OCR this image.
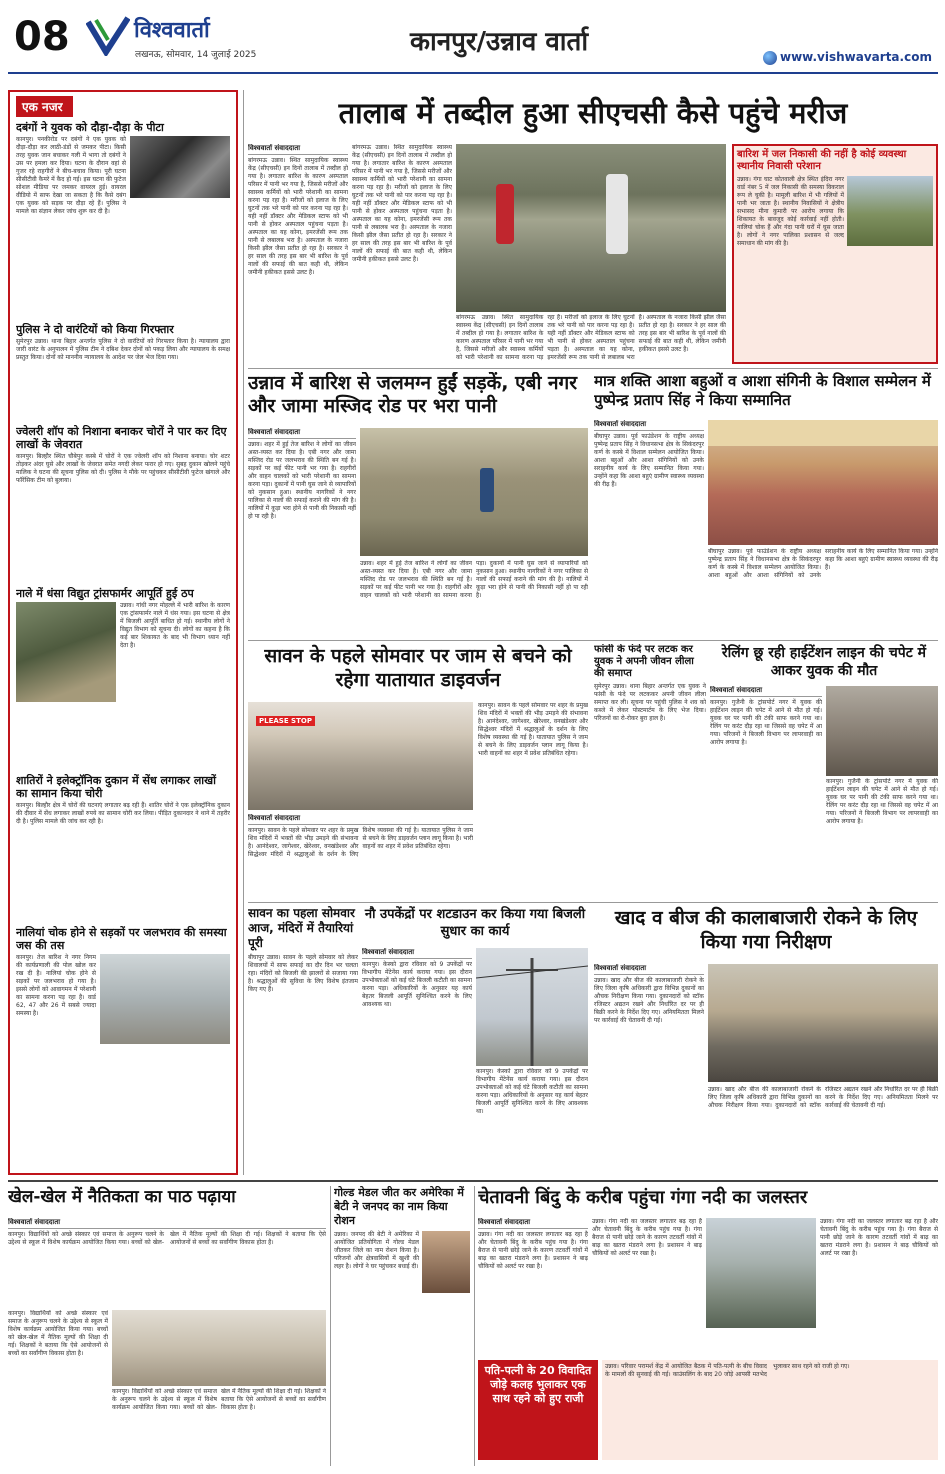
08	विश्ववार्ता
लखनऊ, सोमवार, 14 जुलाई 2025	कानपुर/उन्नाव वार्ता	www.vishwavarta.com
एक नजर
दबंगों ने युवक को दौड़ा-दौड़ा के पीटा
कानपुर। पनकीरोड पर दबंगों ने एक युवक को दौड़ा-दौड़ा कर लाठी-डंडों से जमकर पीटा। किसी तरह युवक जान बचाकर गली में भागा तो दबंगों ने उस पर हमला कर दिया। घटना के दौरान वहां से गुजर रहे राहगीरों ने बीच-बचाव किया। पूरी घटना सीसीटीवी कैमरे में कैद हो गई। इस घटना की फुटेज सोशल मीडिया पर जमकर वायरल हुई। वायरल वीडियो में साफ देखा जा सकता है कि कैसे दबंग एक युवक को सड़क पर दौड़ा रहे हैं। पुलिस ने मामले का संज्ञान लेकर जांच शुरू कर दी है।
पुलिस ने दो वारंटियों को किया गिरफ्तार
सुमेरपुर उन्नाव। थाना बिहार अन्तर्गत पुलिस ने दो वारंटियों को गिरफ्तार किया है। न्यायालय द्वारा जारी वारंट के अनुपालन में पुलिस टीम ने दबिश देकर दोनों को पकड़ लिया और न्यायालय के समक्ष प्रस्तुत किया। दोनों को माननीय न्यायालय के आदेश पर जेल भेज दिया गया।
ज्वेलरी शॉप को निशाना बनाकर चोरों ने पार कर दिए लाखों के जेवरात
कानपुर। बिल्हौर स्थित चौबेपुर कस्बे में चोरों ने एक ज्वेलरी शॉप को निशाना बनाया। चोर शटर तोड़कर अंदर घुसे और लाखों के जेवरात समेत नगदी लेकर फरार हो गए। सुबह दुकान खोलने पहुंचे मालिक ने घटना की सूचना पुलिस को दी। पुलिस ने मौके पर पहुंचकर सीसीटीवी फुटेज खंगाले और फॉरेंसिक टीम को बुलाया।
नाले में धंसा विद्युत ट्रांसफार्मर आपूर्ति हुई ठप
उन्नाव। गांधी नगर मोहल्ले में भारी बारिश के कारण एक ट्रांसफार्मर नाले में धंस गया। इस घटना से क्षेत्र में बिजली आपूर्ति बाधित हो गई। स्थानीय लोगों ने विद्युत विभाग को सूचना दी। लोगों का कहना है कि कई बार शिकायत के बाद भी विभाग ध्यान नहीं देता है।
शातिरों ने इलेक्ट्रॉनिक दुकान में सेंध लगाकर लाखों का सामान किया चोरी
कानपुर। बिल्हौर क्षेत्र में चोरों की घटनाएं लगातार बढ़ रही हैं। शातिर चोरों ने एक इलेक्ट्रॉनिक दुकान की दीवार में सेंध लगाकर लाखों रुपये का सामान चोरी कर लिया। पीड़ित दुकानदार ने थाने में तहरीर दी है। पुलिस मामले की जांच कर रही है।
नालियां चोक होने से सड़कों पर जलभराव की समस्या जस की तस
कानपुर। तेज बारिश ने नगर निगम की कार्यप्रणाली की पोल खोल कर रख दी है। नालियां चोक होने से सड़कों पर जलभराव हो गया है। इससे लोगों को आवागमन में परेशानी का सामना करना पड़ रहा है। वार्ड 62, 47 और 26 में सबसे ज्यादा समस्या है।
तालाब में तब्दील हुआ सीएचसी कैसे पहुंचे मरीज
विश्ववार्ता संवाददाता
बांगरमऊ उन्नाव। स्थित सामुदायिक स्वास्थ्य केंद्र (सीएचसी) इन दिनों तालाब में तब्दील हो गया है। लगातार बारिश के कारण अस्पताल परिसर में पानी भर गया है, जिससे मरीजों और स्वास्थ्य कर्मियों को भारी परेशानी का सामना करना पड़ रहा है। मरीजों को इलाज के लिए घुटनों तक भरे पानी को पार करना पड़ रहा है। यही नहीं डॉक्टर और मेडिकल स्टाफ को भी पानी से होकर अस्पताल पहुंचना पड़ता है। अस्पताल का यह कोना, इमरजेंसी रूम तक पानी से लबालब भरा है। अस्पताल के नजारा किसी झील जैसा प्रतीत हो रहा है। सरकार ने हर साल की तरह इस बार भी बारिश के पूर्व नालों की सफाई की बात कही थी, लेकिन जमीनी हकीकत इससे उलट है।
बांगरमऊ उन्नाव। स्थित सामुदायिक स्वास्थ्य केंद्र (सीएचसी) इन दिनों तालाब में तब्दील हो गया है। लगातार बारिश के कारण अस्पताल परिसर में पानी भर गया है, जिससे मरीजों और स्वास्थ्य कर्मियों को भारी परेशानी का सामना करना पड़ रहा है। मरीजों को इलाज के लिए घुटनों तक भरे पानी को पार करना पड़ रहा है। यही नहीं डॉक्टर और मेडिकल स्टाफ को भी पानी से होकर अस्पताल पहुंचना पड़ता है। अस्पताल का यह कोना, इमरजेंसी रूम तक पानी से लबालब भरा है। अस्पताल के नजारा किसी झील जैसा प्रतीत हो रहा है। सरकार ने हर साल की तरह इस बार भी बारिश के पूर्व नालों की सफाई की बात कही थी, लेकिन जमीनी हकीकत इससे उलट है।
बांगरमऊ उन्नाव। स्थित सामुदायिक स्वास्थ्य केंद्र (सीएचसी) इन दिनों तालाब में तब्दील हो गया है। लगातार बारिश के कारण अस्पताल परिसर में पानी भर गया है, जिससे मरीजों और स्वास्थ्य कर्मियों को भारी परेशानी का सामना करना पड़ रहा है। मरीजों को इलाज के लिए घुटनों तक भरे पानी को पार करना पड़ रहा है। यही नहीं डॉक्टर और मेडिकल स्टाफ को भी पानी से होकर अस्पताल पहुंचना पड़ता है। अस्पताल का यह कोना, इमरजेंसी रूम तक पानी से लबालब भरा है। अस्पताल के नजारा किसी झील जैसा प्रतीत हो रहा है। सरकार ने हर साल की तरह इस बार भी बारिश के पूर्व नालों की सफाई की बात कही थी, लेकिन जमीनी हकीकत इससे उलट है।
बारिश में जल निकासी की नहीं है कोई व्यवस्था स्थानीय निवासी परेशान
उन्नाव। गंगा घाट कोतवाली क्षेत्र स्थित इंदिरा नगर वार्ड नंबर 5 में जल निकासी की समस्या विकराल रूप ले चुकी है। मामूली बारिश में भी गलियों में पानी भर जाता है। स्थानीय निवासियों ने क्षेत्रीय सभासद मीना कुमारी पर आरोप लगाया कि शिकायत के बावजूद कोई कार्रवाई नहीं होती। नालियां चोक हैं और गंदा पानी घरों में घुस जाता है। लोगों ने नगर पालिका प्रशासन से जल्द समाधान की मांग की है।
उन्नाव में बारिश से जलमग्न हुईं सड़कें, एबी नगर और जामा मस्जिद रोड पर भरा पानी
विश्ववार्ता संवाददाता
उन्नाव। शहर में हुई तेज बारिश ने लोगों का जीवन अस्त-व्यस्त कर दिया है। एबी नगर और जामा मस्जिद रोड पर जलभराव की स्थिति बन गई है। सड़कों पर कई फीट पानी भर गया है। राहगीरों और वाहन चालकों को भारी परेशानी का सामना करना पड़ा। दुकानों में पानी घुस जाने से व्यापारियों को नुकसान हुआ। स्थानीय नागरिकों ने नगर पालिका से नालों की सफाई कराने की मांग की है। नालियों में कूड़ा भरा होने से पानी की निकासी नहीं हो पा रही है।
उन्नाव। शहर में हुई तेज बारिश ने लोगों का जीवन अस्त-व्यस्त कर दिया है। एबी नगर और जामा मस्जिद रोड पर जलभराव की स्थिति बन गई है। सड़कों पर कई फीट पानी भर गया है। राहगीरों और वाहन चालकों को भारी परेशानी का सामना करना पड़ा। दुकानों में पानी घुस जाने से व्यापारियों को नुकसान हुआ। स्थानीय नागरिकों ने नगर पालिका से नालों की सफाई कराने की मांग की है। नालियों में कूड़ा भरा होने से पानी की निकासी नहीं हो पा रही है।
मात्र शक्ति आशा बहुओं व आशा संगिनी के विशाल सम्मेलन में पुष्पेन्द्र प्रताप सिंह ने किया सम्मानित
विश्ववार्ता संवाददाता
बीघापुर उन्नाव। पूर्व फाउंडेशन के राष्ट्रीय अध्यक्ष पुष्पेन्द्र प्रताप सिंह ने विधानसभा क्षेत्र के सिकंदरपुर कर्ण के कस्बे में विशाल सम्मेलन आयोजित किया। आशा बहुओं और आशा संगिनियों को उनके सराहनीय कार्य के लिए सम्मानित किया गया। उन्होंने कहा कि आशा बहुएं ग्रामीण स्वास्थ्य व्यवस्था की रीढ़ हैं।
बीघापुर उन्नाव। पूर्व फाउंडेशन के राष्ट्रीय अध्यक्ष पुष्पेन्द्र प्रताप सिंह ने विधानसभा क्षेत्र के सिकंदरपुर कर्ण के कस्बे में विशाल सम्मेलन आयोजित किया। आशा बहुओं और आशा संगिनियों को उनके सराहनीय कार्य के लिए सम्मानित किया गया। उन्होंने कहा कि आशा बहुएं ग्रामीण स्वास्थ्य व्यवस्था की रीढ़ हैं।
सावन के पहले सोमवार पर जाम से बचने को रहेगा यातायात डाइवर्जन
PLEASE STOP
कानपुर। सावन के पहले सोमवार पर शहर के प्रमुख शिव मंदिरों में भक्तों की भीड़ उमड़ने की संभावना है। आनंदेश्वर, जागेश्वर, खेरेश्वर, वनखंडेश्वर और सिद्धेश्वर मंदिरों में श्रद्धालुओं के दर्शन के लिए विशेष व्यवस्था की गई है। यातायात पुलिस ने जाम से बचने के लिए डाइवर्जन प्लान लागू किया है। भारी वाहनों का शहर में प्रवेश प्रतिबंधित रहेगा।
विश्ववार्ता संवाददाता
कानपुर। सावन के पहले सोमवार पर शहर के प्रमुख शिव मंदिरों में भक्तों की भीड़ उमड़ने की संभावना है। आनंदेश्वर, जागेश्वर, खेरेश्वर, वनखंडेश्वर और सिद्धेश्वर मंदिरों में श्रद्धालुओं के दर्शन के लिए विशेष व्यवस्था की गई है। यातायात पुलिस ने जाम से बचने के लिए डाइवर्जन प्लान लागू किया है। भारी वाहनों का शहर में प्रवेश प्रतिबंधित रहेगा।
फांसी के फंदे पर लटक कर युवक ने अपनी जीवन लीला की समाप्त
सुमेरपुर उन्नाव। थाना बिहार अन्तर्गत एक युवक ने फांसी के फंदे पर लटककर अपनी जीवन लीला समाप्त कर ली। सूचना पर पहुंची पुलिस ने शव को कब्जे में लेकर पोस्टमार्टम के लिए भेज दिया। परिजनों का रो-रोकर बुरा हाल है।
रेलिंग छू रही हाईटेंशन लाइन की चपेट में आकर युवक की मौत
विश्ववार्ता संवाददाता
कानपुर। गुजैनी के ट्रांसपोर्ट नगर में युवक की हाईटेंशन लाइन की चपेट में आने से मौत हो गई। युवक घर पर पानी की टंकी साफ करने गया था। रेलिंग पर करंट दौड़ रहा था जिससे वह चपेट में आ गया। परिजनों ने बिजली विभाग पर लापरवाही का आरोप लगाया है।
कानपुर। गुजैनी के ट्रांसपोर्ट नगर में युवक की हाईटेंशन लाइन की चपेट में आने से मौत हो गई। युवक घर पर पानी की टंकी साफ करने गया था। रेलिंग पर करंट दौड़ रहा था जिससे वह चपेट में आ गया। परिजनों ने बिजली विभाग पर लापरवाही का आरोप लगाया है।
सावन का पहला सोमवार आज, मंदिरों में तैयारियां पूरी
बीघापुर उन्नाव। सावन के पहले सोमवार को लेकर शिवालयों में साफ सफाई का दौर दिन भर चलता रहा। मंदिरों को बिजली की झालरों से सजाया गया है। श्रद्धालुओं की सुविधा के लिए विशेष इंतजाम किए गए हैं।
नौ उपकेंद्रों पर शटडाउन कर किया गया बिजली सुधार का कार्य
विश्ववार्ता संवाददाता
कानपुर। केस्को द्वारा रविवार को 9 उपकेंद्रों पर विभागीय मेंटेनेंस कार्य कराया गया। इस दौरान उपभोक्ताओं को कई घंटे बिजली कटौती का सामना करना पड़ा। अधिकारियों के अनुसार यह कार्य बेहतर बिजली आपूर्ति सुनिश्चित करने के लिए आवश्यक था।
कानपुर। केस्को द्वारा रविवार को 9 उपकेंद्रों पर विभागीय मेंटेनेंस कार्य कराया गया। इस दौरान उपभोक्ताओं को कई घंटे बिजली कटौती का सामना करना पड़ा। अधिकारियों के अनुसार यह कार्य बेहतर बिजली आपूर्ति सुनिश्चित करने के लिए आवश्यक था।
खाद व बीज की कालाबाजारी रोकने के लिए किया गया निरीक्षण
विश्ववार्ता संवाददाता
उन्नाव। खाद और बीज की कालाबाजारी रोकने के लिए जिला कृषि अधिकारी द्वारा विभिन्न दुकानों का औचक निरीक्षण किया गया। दुकानदारों को स्टॉक रजिस्टर अद्यतन रखने और निर्धारित दर पर ही बिक्री करने के निर्देश दिए गए। अनियमितता मिलने पर कार्रवाई की चेतावनी दी गई।
उन्नाव। खाद और बीज की कालाबाजारी रोकने के लिए जिला कृषि अधिकारी द्वारा विभिन्न दुकानों का औचक निरीक्षण किया गया। दुकानदारों को स्टॉक रजिस्टर अद्यतन रखने और निर्धारित दर पर ही बिक्री करने के निर्देश दिए गए। अनियमितता मिलने पर कार्रवाई की चेतावनी दी गई।
खेल-खेल में नैतिकता का पाठ पढ़ाया
विश्ववार्ता संवाददाता
कानपुर। विद्यार्थियों को अच्छे संस्कार एवं समाज के अनुरूप चलने के उद्देश्य से स्कूल में विशेष कार्यक्रम आयोजित किया गया। बच्चों को खेल-खेल में नैतिक मूल्यों की शिक्षा दी गई। शिक्षकों ने बताया कि ऐसे आयोजनों से बच्चों का सर्वांगीण विकास होता है।
कानपुर। विद्यार्थियों को अच्छे संस्कार एवं समाज के अनुरूप चलने के उद्देश्य से स्कूल में विशेष कार्यक्रम आयोजित किया गया। बच्चों को खेल-खेल में नैतिक मूल्यों की शिक्षा दी गई। शिक्षकों ने बताया कि ऐसे आयोजनों से बच्चों का सर्वांगीण विकास होता है।
कानपुर। विद्यार्थियों को अच्छे संस्कार एवं समाज के अनुरूप चलने के उद्देश्य से स्कूल में विशेष कार्यक्रम आयोजित किया गया। बच्चों को खेल-खेल में नैतिक मूल्यों की शिक्षा दी गई। शिक्षकों ने बताया कि ऐसे आयोजनों से बच्चों का सर्वांगीण विकास होता है।
गोल्ड मेडल जीत कर अमेरिका में बेटी ने जनपद का नाम किया रोशन
उन्नाव। जनपद की बेटी ने अमेरिका में आयोजित प्रतियोगिता में गोल्ड मेडल जीतकर जिले का नाम रोशन किया है। परिजनों और क्षेत्रवासियों में खुशी की लहर है। लोगों ने घर पहुंचकर बधाई दी।
चेतावनी बिंदु के करीब पहुंचा गंगा नदी का जलस्तर
विश्ववार्ता संवाददाता
उन्नाव। गंगा नदी का जलस्तर लगातार बढ़ रहा है और चेतावनी बिंदु के करीब पहुंच गया है। गंगा बैराज से पानी छोड़े जाने के कारण तटवर्ती गांवों में बाढ़ का खतरा मंडराने लगा है। प्रशासन ने बाढ़ चौकियों को अलर्ट पर रखा है।
उन्नाव। गंगा नदी का जलस्तर लगातार बढ़ रहा है और चेतावनी बिंदु के करीब पहुंच गया है। गंगा बैराज से पानी छोड़े जाने के कारण तटवर्ती गांवों में बाढ़ का खतरा मंडराने लगा है। प्रशासन ने बाढ़ चौकियों को अलर्ट पर रखा है।
उन्नाव। गंगा नदी का जलस्तर लगातार बढ़ रहा है और चेतावनी बिंदु के करीब पहुंच गया है। गंगा बैराज से पानी छोड़े जाने के कारण तटवर्ती गांवों में बाढ़ का खतरा मंडराने लगा है। प्रशासन ने बाढ़ चौकियों को अलर्ट पर रखा है।
पति-पत्नी के 20 विवादित जोड़े कलह भुलाकर एक साथ रहने को हुए राजी
उन्नाव। परिवार परामर्श केंद्र में आयोजित बैठक में पति-पत्नी के बीच विवाद के मामलों की सुनवाई की गई। काउंसलिंग के बाद 20 जोड़े आपसी मतभेद भुलाकर साथ रहने को राजी हो गए।
